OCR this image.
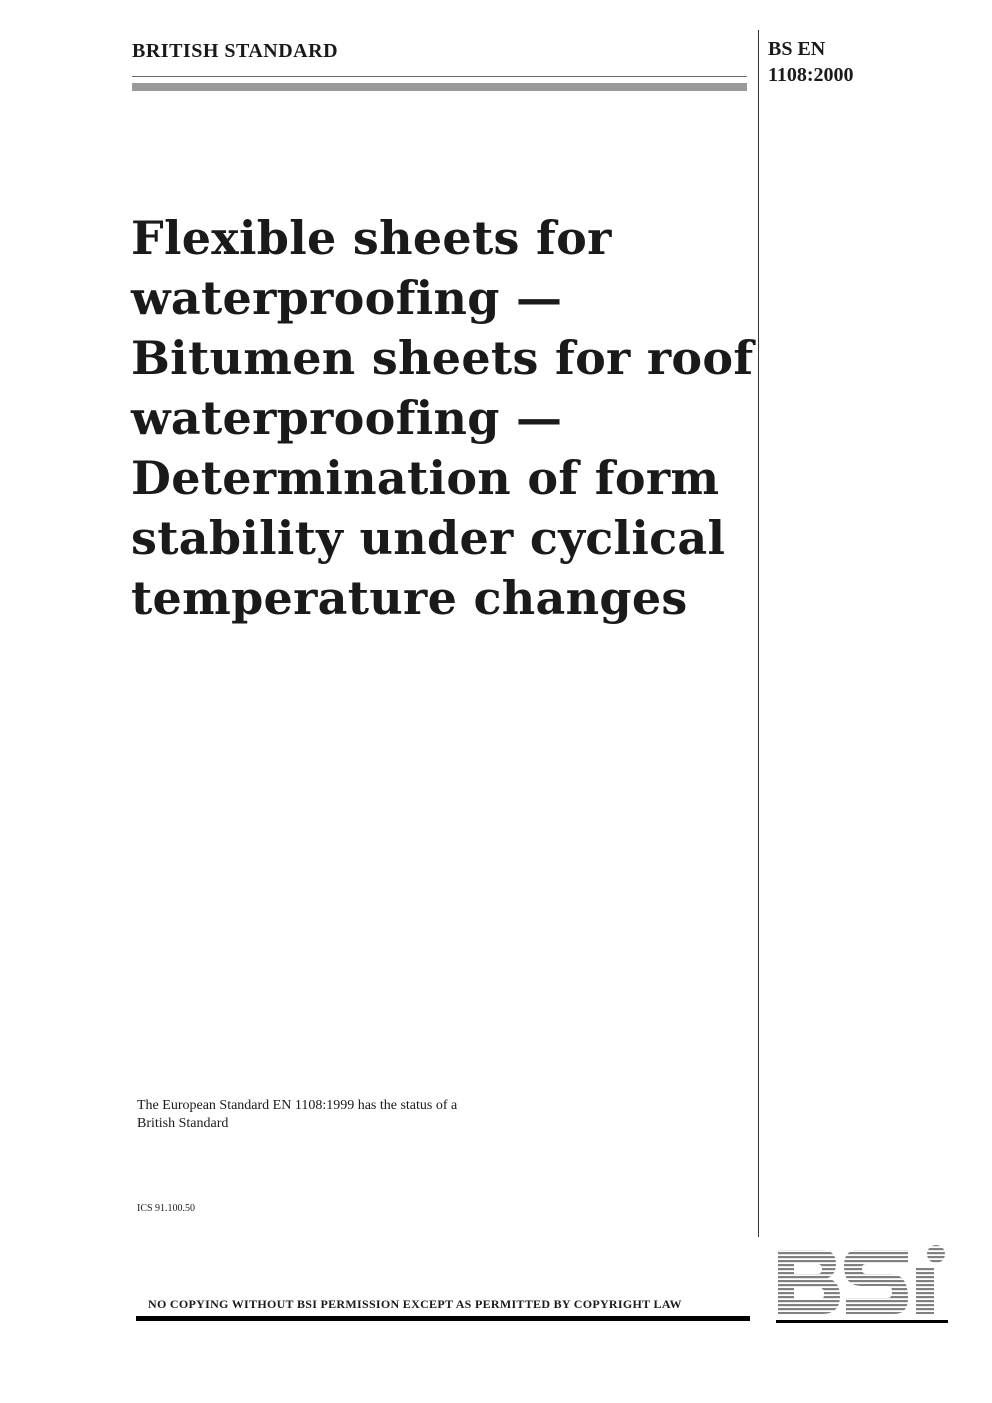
BRITISH STANDARD	BS EN
1108:2000
Flexible sheets for
waterproofing —
Bitumen sheets for roof
waterproofing —
Determination of form
stability under cyclical
temperature changes
The European Standard EN 1108:1999 has the status of a
British Standard
ICS 91.100.50
NO COPYING WITHOUT BSI PERMISSION EXCEPT AS PERMITTED BY COPYRIGHT LAW
